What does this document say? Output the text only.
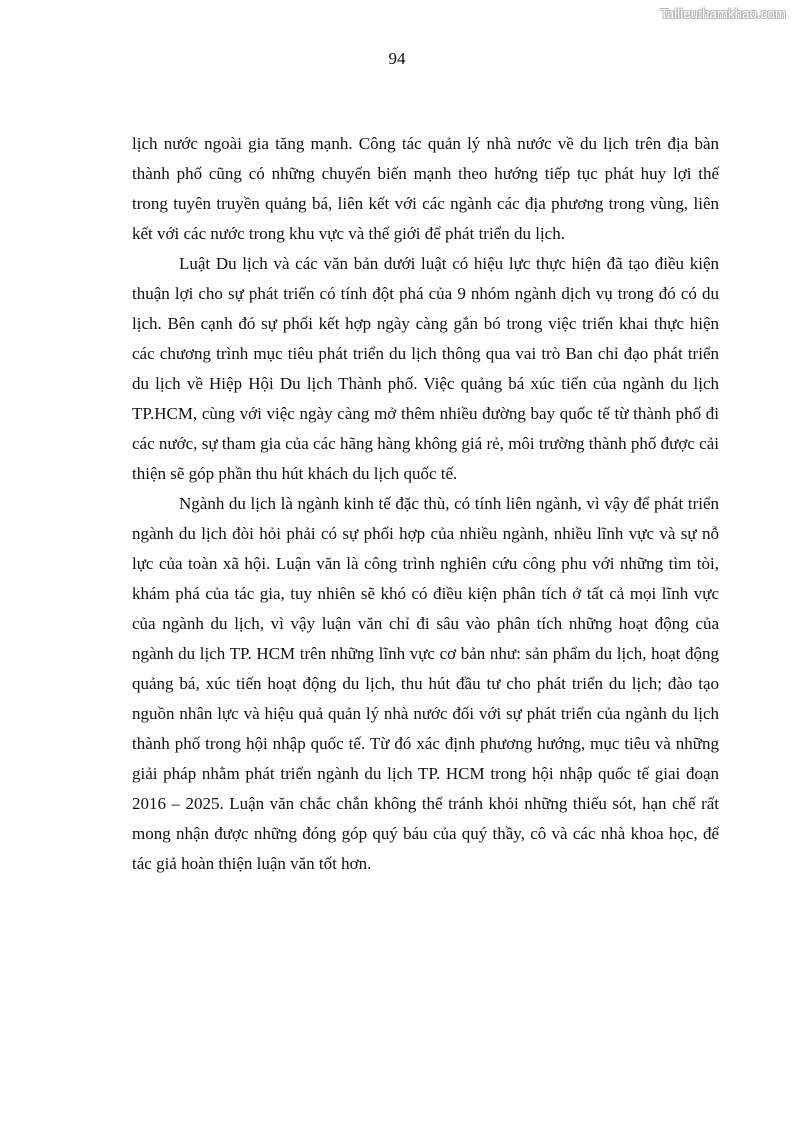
Tailieuthamkhao.com
94

lịch nước ngoài gia tăng mạnh. Công tác quản lý nhà nước về du lịch trên địa bàn thành phố cũng có những chuyển biến mạnh theo hướng tiếp tục phát huy lợi thế trong tuyên truyền quảng bá, liên kết với các ngành các địa phương trong vùng, liên kết với các nước trong khu vực và thế giới để phát triển du lịch.

Luật Du lịch và các văn bản dưới luật có hiệu lực thực hiện đã tạo điều kiện thuận lợi cho sự phát triển có tính đột phá của 9 nhóm ngành dịch vụ trong đó có du lịch. Bên cạnh đó sự phối kết hợp ngày càng gắn bó trong việc triển khai thực hiện các chương trình mục tiêu phát triển du lịch thông qua vai trò Ban chỉ đạo phát triển du lịch về Hiệp Hội Du lịch Thành phố. Việc quảng bá xúc tiến của ngành du lịch TP.HCM, cùng với việc ngày càng mở thêm nhiều đường bay quốc tế từ thành phố đi các nước, sự tham gia của các hãng hàng không giá rẻ, môi trường thành phố được cải thiện sẽ góp phần thu hút khách du lịch quốc tế.

Ngành du lịch là ngành kinh tế đặc thù, có tính liên ngành, vì vậy để phát triển ngành du lịch đòi hỏi phải có sự phối hợp của nhiều ngành, nhiều lĩnh vực và sự nỗ lực của toàn xã hội. Luận văn là công trình nghiên cứu công phu với những tìm tòi, khám phá của tác gia, tuy nhiên sẽ khó có điều kiện phân tích ở tất cả mọi lĩnh vực của ngành du lịch, vì vậy luận văn chỉ đi sâu vào phân tích những hoạt động của ngành du lịch TP. HCM trên những lĩnh vực cơ bản như: sản phẩm du lịch, hoạt động quảng bá, xúc tiến hoạt động du lịch, thu hút đầu tư cho phát triển du lịch; đào tạo nguồn nhân lực và hiệu quả quản lý nhà nước đối với sự phát triển của ngành du lịch thành phố trong hội nhập quốc tế. Từ đó xác định phương hướng, mục tiêu và những giải pháp nhằm phát triển ngành du lịch TP. HCM trong hội nhập quốc tế giai đoạn 2016 – 2025. Luận văn chắc chắn không thể tránh khỏi những thiếu sót, hạn chế rất mong nhận được những đóng góp quý báu của quý thầy, cô và các nhà khoa học, để tác giả hoàn thiện luận văn tốt hơn.
